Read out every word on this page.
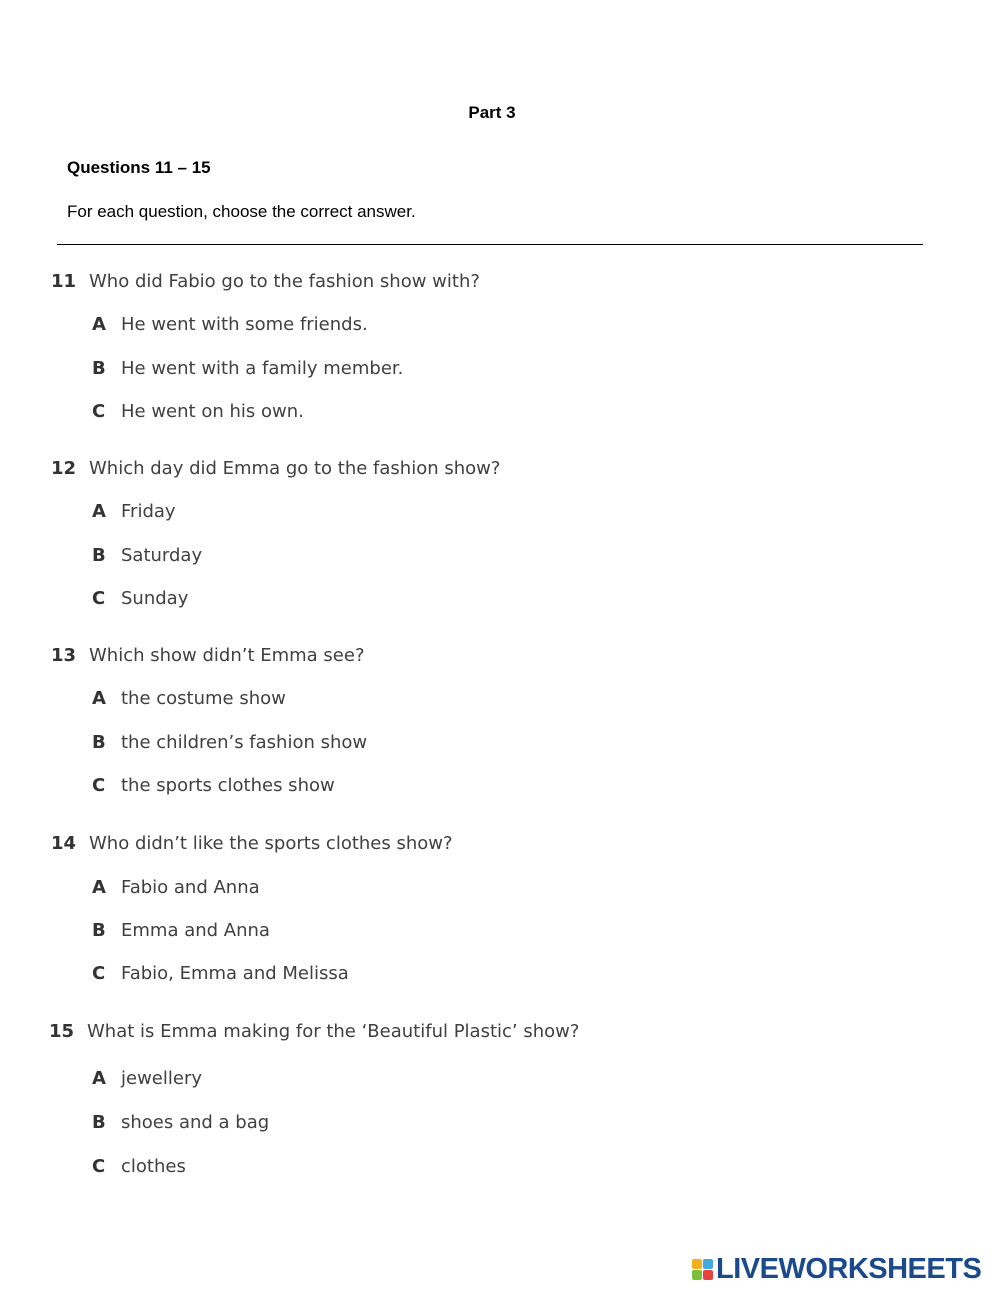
Part 3
Questions 11 – 15
For each question, choose the correct answer.
11 Who did Fabio go to the fashion show with?
A He went with some friends.
B He went with a family member.
C He went on his own.
12 Which day did Emma go to the fashion show?
A Friday
B Saturday
C Sunday
13 Which show didn’t Emma see?
A the costume show
B the children’s fashion show
C the sports clothes show
14 Who didn’t like the sports clothes show?
A Fabio and Anna
B Emma and Anna
C Fabio, Emma and Melissa
15 What is Emma making for the ‘Beautiful Plastic’ show?
A jewellery
B shoes and a bag
C clothes
LIVEWORKSHEETS
